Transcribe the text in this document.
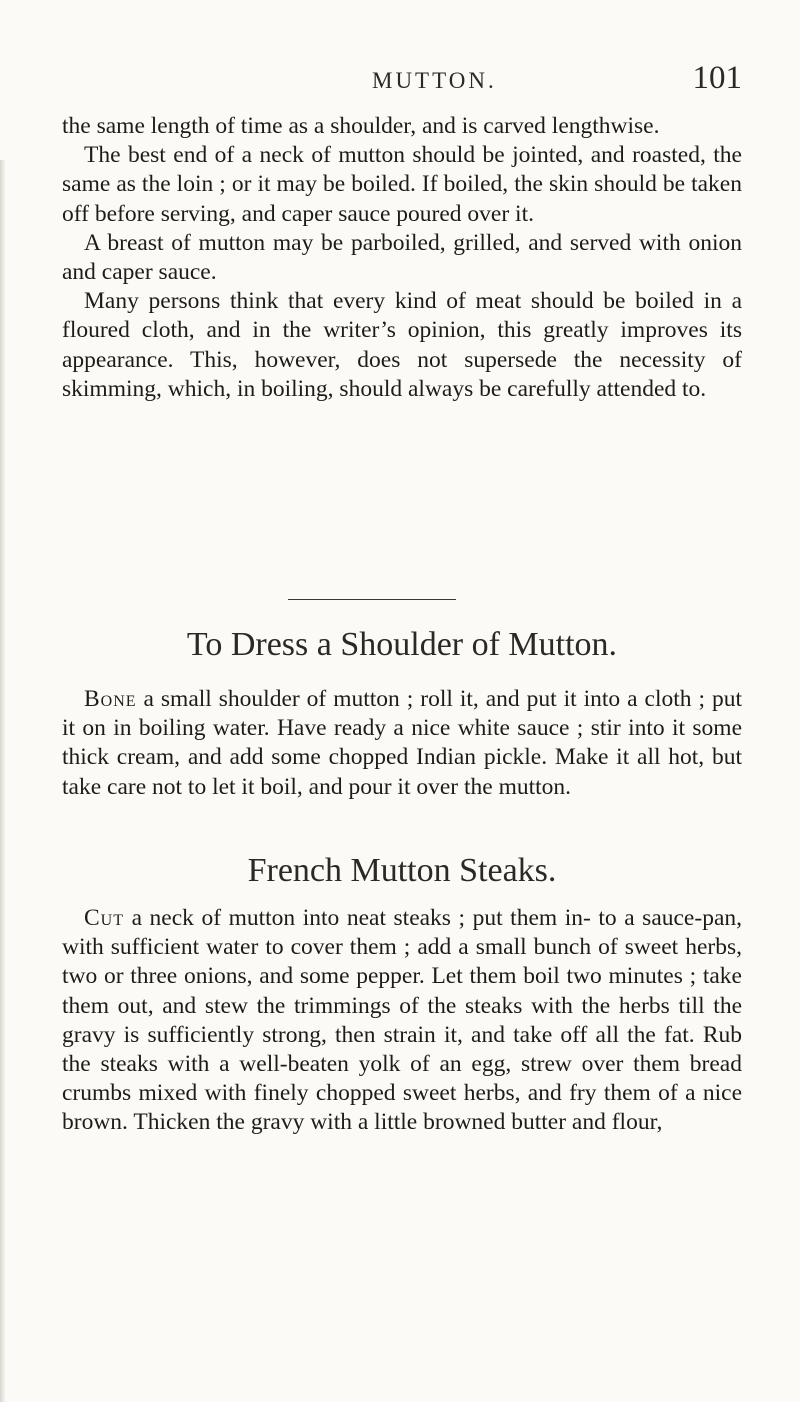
MUTTON.	101

the same length of time as a shoulder, and is carved lengthwise.

The best end of a neck of mutton should be jointed, and roasted, the same as the loin ; or it may be boiled. If boiled, the skin should be taken off before serving, and caper sauce poured over it.

A breast of mutton may be parboiled, grilled, and served with onion and caper sauce.

Many persons think that every kind of meat should be boiled in a floured cloth, and in the writer’s opinion, this greatly improves its appearance. This, however, does not supersede the necessity of skimming, which, in boiling, should always be carefully attended to.

To Dress a Shoulder of Mutton.

Bone a small shoulder of mutton ; roll it, and put it into a cloth ; put it on in boiling water. Have ready a nice white sauce ; stir into it some thick cream, and add some chopped Indian pickle. Make it all hot, but take care not to let it boil, and pour it over the mutton.

French Mutton Steaks.

Cut a neck of mutton into neat steaks ; put them in- to a sauce-pan, with sufficient water to cover them ; add a small bunch of sweet herbs, two or three onions, and some pepper. Let them boil two minutes ; take them out, and stew the trimmings of the steaks with the herbs till the gravy is sufficiently strong, then strain it, and take off all the fat. Rub the steaks with a well-beaten yolk of an egg, strew over them bread crumbs mixed with finely chopped sweet herbs, and fry them of a nice brown. Thicken the gravy with a little browned butter and flour,
